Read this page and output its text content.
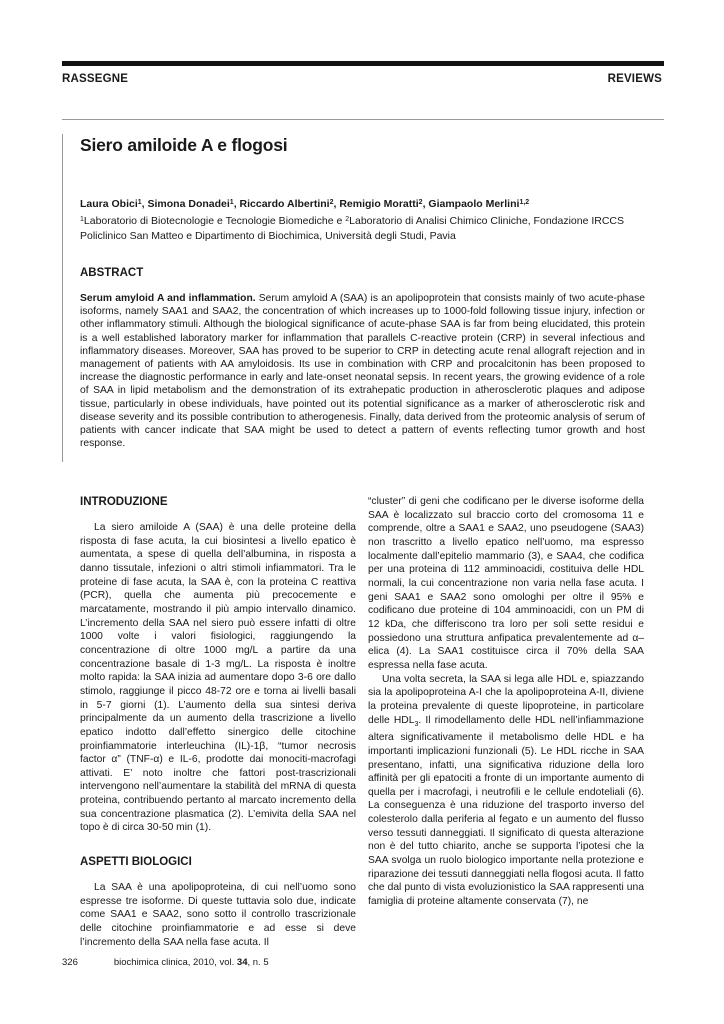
RASSEGNE	REVIEWS
Siero amiloide A e flogosi
Laura Obici$^1$, Simona Donadei$^1$, Riccardo Albertini$^2$, Remigio Moratti$^2$, Giampaolo Merlini$^{1,2}$
$^1$Laboratorio di Biotecnologie e Tecnologie Biomediche e $^2$Laboratorio di Analisi Chimico Cliniche, Fondazione IRCCS Policlinico San Matteo e Dipartimento di Biochimica, Università degli Studi, Pavia
ABSTRACT
Serum amyloid A and inflammation. Serum amyloid A (SAA) is an apolipoprotein that consists mainly of two acute-phase isoforms, namely SAA1 and SAA2, the concentration of which increases up to 1000-fold following tissue injury, infection or other inflammatory stimuli. Although the biological significance of acute-phase SAA is far from being elucidated, this protein is a well established laboratory marker for inflammation that parallels C-reactive protein (CRP) in several infectious and inflammatory diseases. Moreover, SAA has proved to be superior to CRP in detecting acute renal allograft rejection and in management of patients with AA amyloidosis. Its use in combination with CRP and procalcitonin has been proposed to increase the diagnostic performance in early and late-onset neonatal sepsis. In recent years, the growing evidence of a role of SAA in lipid metabolism and the demonstration of its extrahepatic production in atherosclerotic plaques and adipose tissue, particularly in obese individuals, have pointed out its potential significance as a marker of atherosclerotic risk and disease severity and its possible contribution to atherogenesis. Finally, data derived from the proteomic analysis of serum of patients with cancer indicate that SAA might be used to detect a pattern of events reflecting tumor growth and host response.
INTRODUZIONE

La siero amiloide A (SAA) è una delle proteine della risposta di fase acuta, la cui biosintesi a livello epatico è aumentata, a spese di quella dell’albumina, in risposta a danno tissutale, infezioni o altri stimoli infiammatori. Tra le proteine di fase acuta, la SAA è, con la proteina C reattiva (PCR), quella che aumenta più precocemente e marcatamente, mostrando il più ampio intervallo dinamico. L’incremento della SAA nel siero può essere infatti di oltre 1000 volte i valori fisiologici, raggiungendo la concentrazione di oltre 1000 mg/L a partire da una concentrazione basale di 1-3 mg/L. La risposta è inoltre molto rapida: la SAA inizia ad aumentare dopo 3-6 ore dallo stimolo, raggiunge il picco 48-72 ore e torna ai livelli basali in 5-7 giorni (1). L’aumento della sua sintesi deriva principalmente da un aumento della trascrizione a livello epatico indotto dall’effetto sinergico delle citochine proinfiammatorie interleuchina (IL)-1β, “tumor necrosis factor α” (TNF-α) e IL-6, prodotte dai monociti-macrofagi attivati. E’ noto inoltre che fattori post-trascrizionali intervengono nell’aumentare la stabilità del mRNA di questa proteina, contribuendo pertanto al marcato incremento della sua concentrazione plasmatica (2). L’emivita della SAA nel topo è di circa 30-50 min (1).

ASPETTI BIOLOGICI

La SAA è una apolipoproteina, di cui nell’uomo sono espresse tre isoforme. Di queste tuttavia solo due, indicate come SAA1 e SAA2, sono sotto il controllo trascrizionale delle citochine proinfiammatorie e ad esse si deve l’incremento della SAA nella fase acuta. Il

“cluster” di geni che codificano per le diverse isoforme della SAA è localizzato sul braccio corto del cromosoma 11 e comprende, oltre a SAA1 e SAA2, uno pseudogene (SAA3) non trascritto a livello epatico nell’uomo, ma espresso localmente dall’epitelio mammario (3), e SAA4, che codifica per una proteina di 112 amminoacidi, costituiva delle HDL normali, la cui concentrazione non varia nella fase acuta. I geni SAA1 e SAA2 sono omologhi per oltre il 95% e codificano due proteine di 104 amminoacidi, con un PM di 12 kDa, che differiscono tra loro per soli sette residui e possiedono una struttura anfipatica prevalentemente ad α–elica (4). La SAA1 costituisce circa il 70% della SAA espressa nella fase acuta.

Una volta secreta, la SAA si lega alle HDL e, spiazzando sia la apolipoproteina A-I che la apolipoproteina A-II, diviene la proteina prevalente di queste lipoproteine, in particolare delle $HDL_3$. Il rimodellamento delle HDL nell’infiammazione altera significativamente il metabolismo delle HDL e ha importanti implicazioni funzionali (5). Le HDL ricche in SAA presentano, infatti, una significativa riduzione della loro affinità per gli epatociti a fronte di un importante aumento di quella per i macrofagi, i neutrofili e le cellule endoteliali (6). La conseguenza è una riduzione del trasporto inverso del colesterolo dalla periferia al fegato e un aumento del flusso verso tessuti danneggiati. Il significato di questa alterazione non è del tutto chiarito, anche se supporta l’ipotesi che la SAA svolga un ruolo biologico importante nella protezione e riparazione dei tessuti danneggiati nella flogosi acuta. Il fatto che dal punto di vista evoluzionistico la SAA rappresenti una famiglia di proteine altamente conservata (7), ne

326	biochimica clinica, 2010, vol. 34, n. 5
